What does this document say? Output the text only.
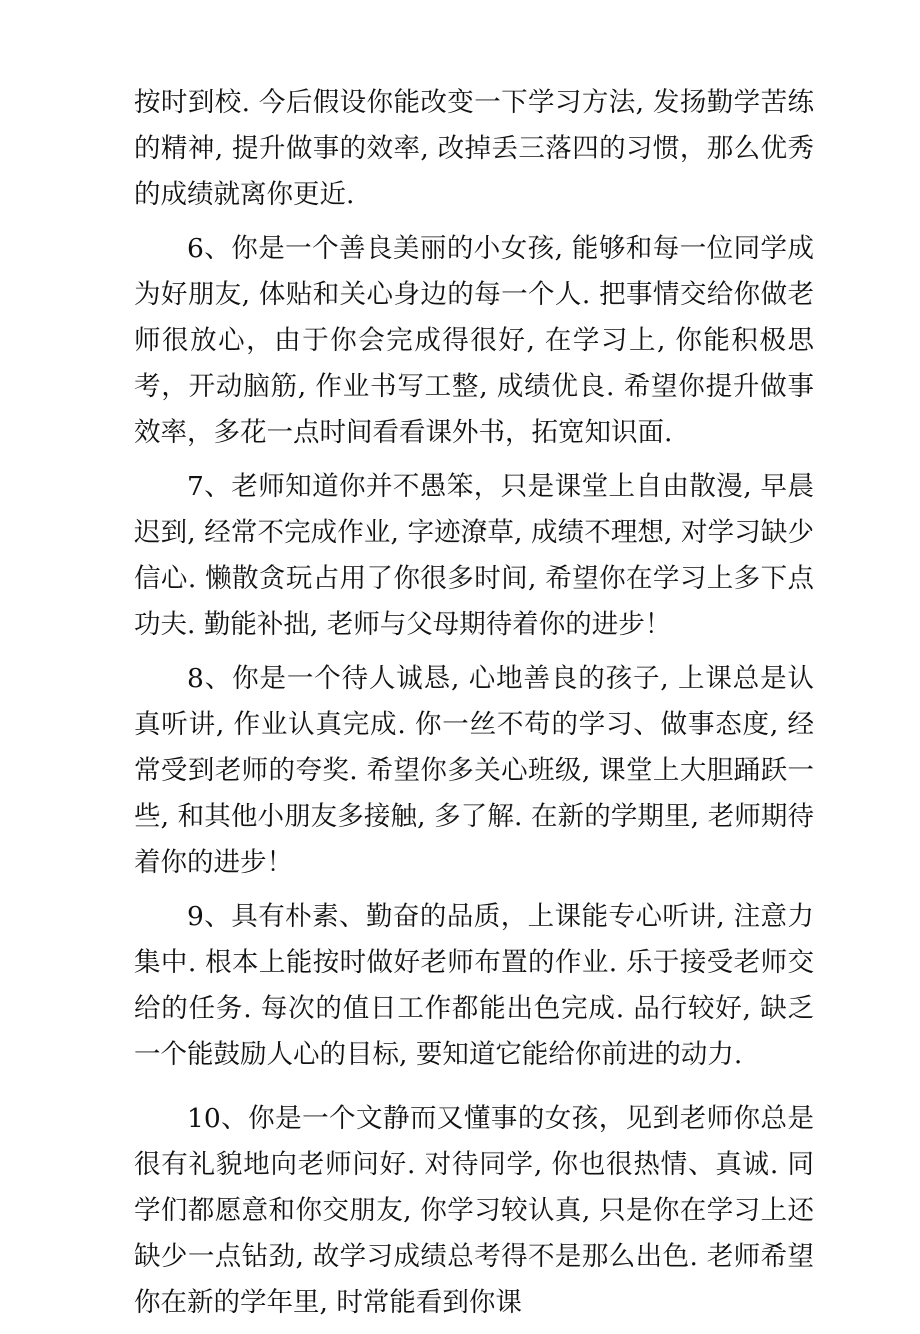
按时到校. 今后假设你能改变一下学习方法, 发扬勤学苦练的精神, 提升做事的效率, 改掉丢三落四的习惯，那么优秀的成绩就离你更近.

6、你是一个善良美丽的小女孩, 能够和每一位同学成为好朋友, 体贴和关心身边的每一个人. 把事情交给你做老师很放心，由于你会完成得很好, 在学习上, 你能积极思考，开动脑筋, 作业书写工整, 成绩优良. 希望你提升做事效率，多花一点时间看看课外书，拓宽知识面.

7、老师知道你并不愚笨，只是课堂上自由散漫, 早晨迟到, 经常不完成作业, 字迹潦草, 成绩不理想, 对学习缺少信心. 懒散贪玩占用了你很多时间, 希望你在学习上多下点功夫. 勤能补拙, 老师与父母期待着你的进步！

8、你是一个待人诚恳, 心地善良的孩子, 上课总是认真听讲, 作业认真完成. 你一丝不苟的学习、做事态度, 经常受到老师的夸奖. 希望你多关心班级, 课堂上大胆踊跃一些, 和其他小朋友多接触, 多了解. 在新的学期里, 老师期待着你的进步！

9、具有朴素、勤奋的品质，上课能专心听讲, 注意力集中. 根本上能按时做好老师布置的作业. 乐于接受老师交给的任务. 每次的值日工作都能出色完成. 品行较好, 缺乏一个能鼓励人心的目标, 要知道它能给你前进的动力.

10、你是一个文静而又懂事的女孩，见到老师你总是很有礼貌地向老师问好. 对待同学, 你也很热情、真诚. 同学们都愿意和你交朋友, 你学习较认真, 只是你在学习上还缺少一点钻劲, 故学习成绩总考得不是那么出色. 老师希望你在新的学年里, 时常能看到你课
